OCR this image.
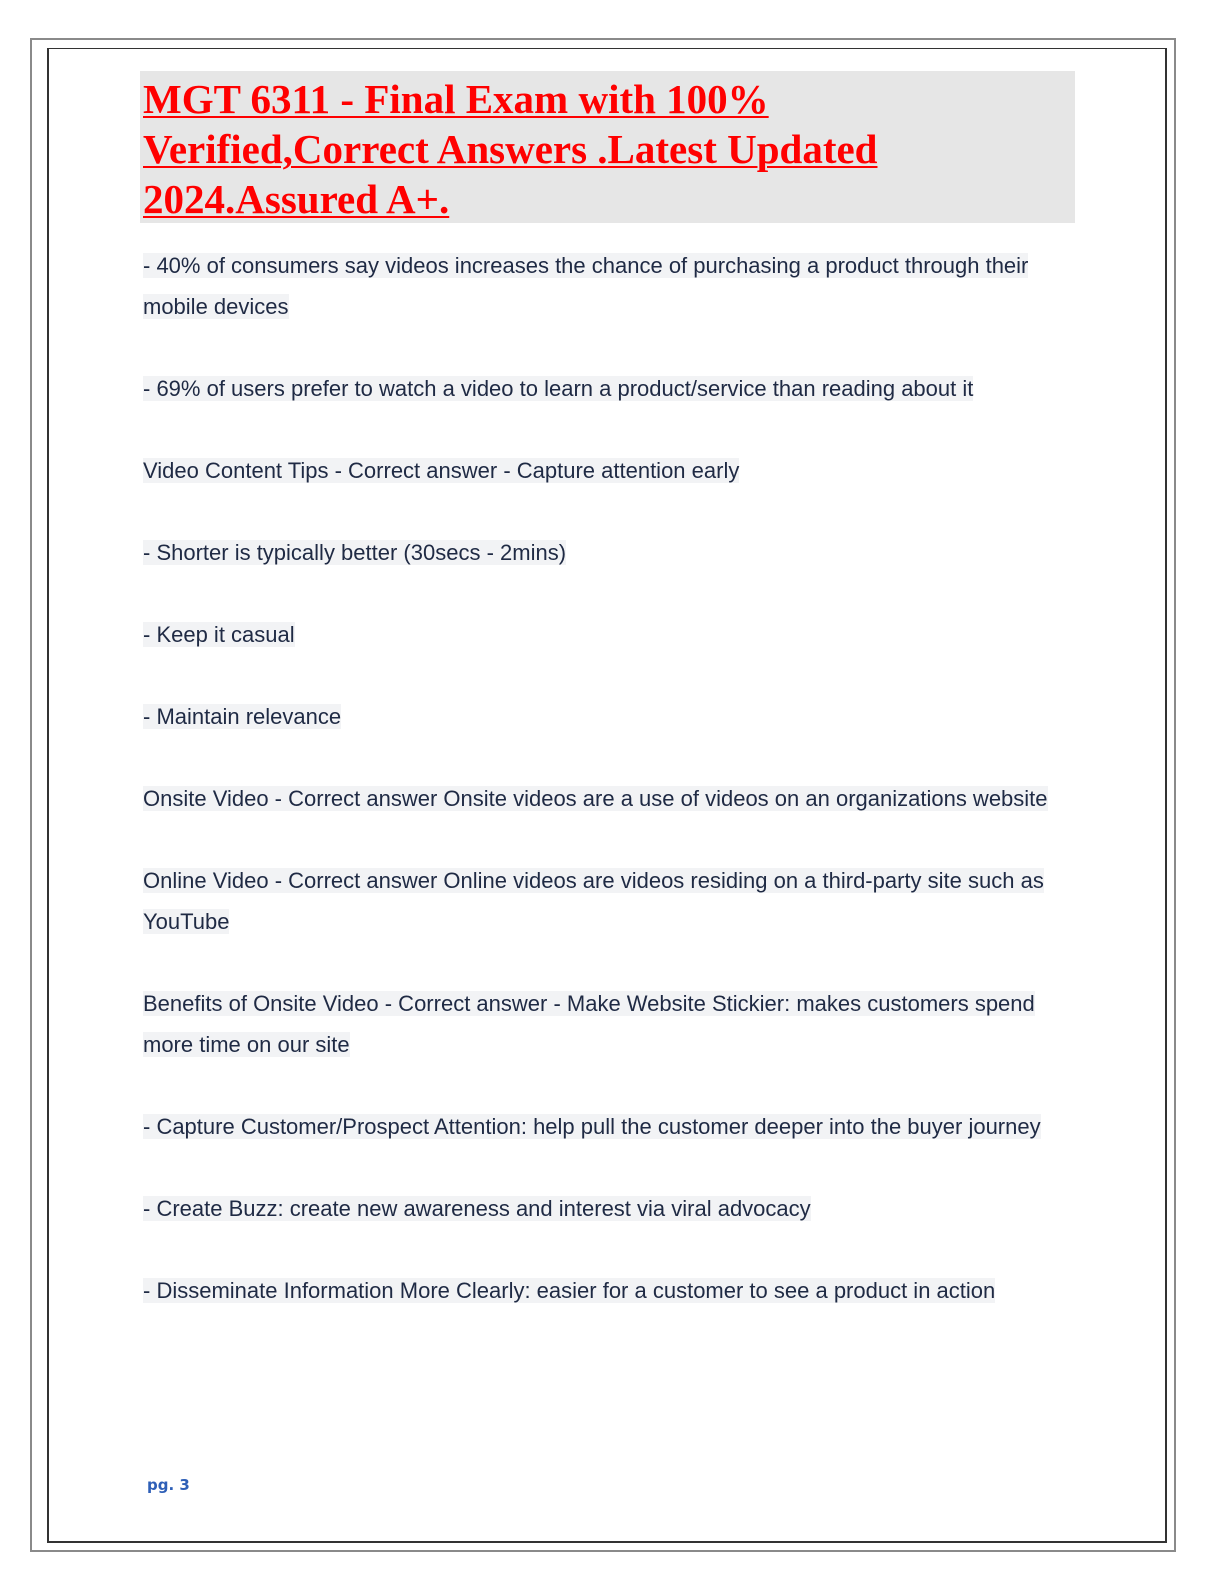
MGT 6311 - Final Exam with 100% Verified,Correct Answers .Latest Updated 2024.Assured A+.

- 40% of consumers say videos increases the chance of purchasing a product through their mobile devices

- 69% of users prefer to watch a video to learn a product/service than reading about it

Video Content Tips - Correct answer - Capture attention early

- Shorter is typically better (30secs - 2mins)

- Keep it casual

- Maintain relevance

Onsite Video - Correct answer Onsite videos are a use of videos on an organizations website

Online Video - Correct answer Online videos are videos residing on a third-party site such as YouTube

Benefits of Onsite Video - Correct answer - Make Website Stickier: makes customers spend more time on our site

- Capture Customer/Prospect Attention: help pull the customer deeper into the buyer journey

- Create Buzz: create new awareness and interest via viral advocacy

- Disseminate Information More Clearly: easier for a customer to see a product in action

pg. 3
